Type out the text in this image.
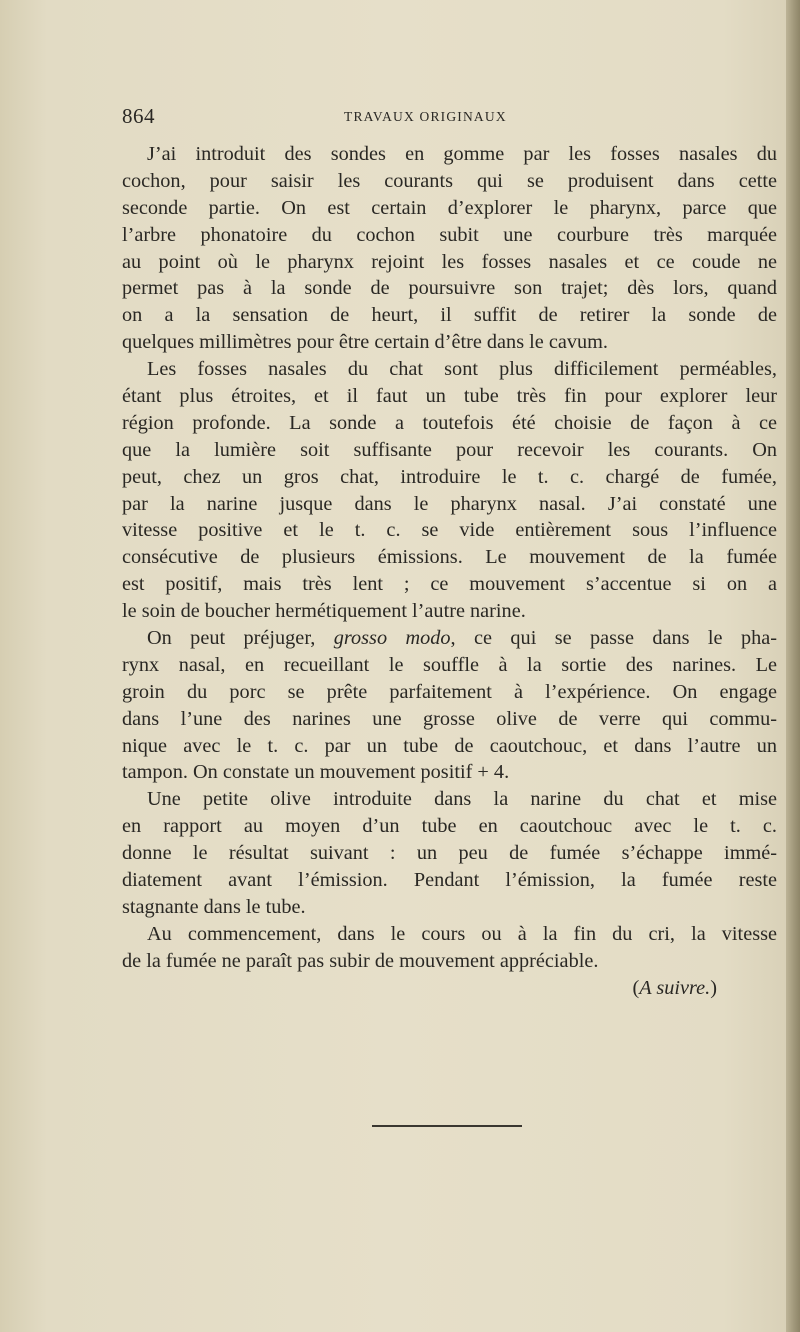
864	TRAVAUX ORIGINAUX
J’ai introduit des sondes en gomme par les fosses nasales du
cochon, pour saisir les courants qui se produisent dans cette
seconde partie. On est certain d’explorer le pharynx, parce que
l’arbre phonatoire du cochon subit une courbure très marquée
au point où le pharynx rejoint les fosses nasales et ce coude ne
permet pas à la sonde de poursuivre son trajet; dès lors, quand
on a la sensation de heurt, il suffit de retirer la sonde de
quelques millimètres pour être certain d’être dans le cavum.
Les fosses nasales du chat sont plus difficilement perméables,
étant plus étroites, et il faut un tube très fin pour explorer leur
région profonde. La sonde a toutefois été choisie de façon à ce
que la lumière soit suffisante pour recevoir les courants. On
peut, chez un gros chat, introduire le t. c. chargé de fumée,
par la narine jusque dans le pharynx nasal. J’ai constaté une
vitesse positive et le t. c. se vide entièrement sous l’influence
consécutive de plusieurs émissions. Le mouvement de la fumée
est positif, mais très lent ; ce mouvement s’accentue si on a
le soin de boucher hermétiquement l’autre narine.
On peut préjuger, grosso modo, ce qui se passe dans le pha-
rynx nasal, en recueillant le souffle à la sortie des narines. Le
groin du porc se prête parfaitement à l’expérience. On engage
dans l’une des narines une grosse olive de verre qui commu-
nique avec le t. c. par un tube de caoutchouc, et dans l’autre un
tampon. On constate un mouvement positif + 4.
Une petite olive introduite dans la narine du chat et mise
en rapport au moyen d’un tube en caoutchouc avec le t. c.
donne le résultat suivant : un peu de fumée s’échappe immé-
diatement avant l’émission. Pendant l’émission, la fumée reste
stagnante dans le tube.
Au commencement, dans le cours ou à la fin du cri, la vitesse
de la fumée ne paraît pas subir de mouvement appréciable.
(A suivre.)
